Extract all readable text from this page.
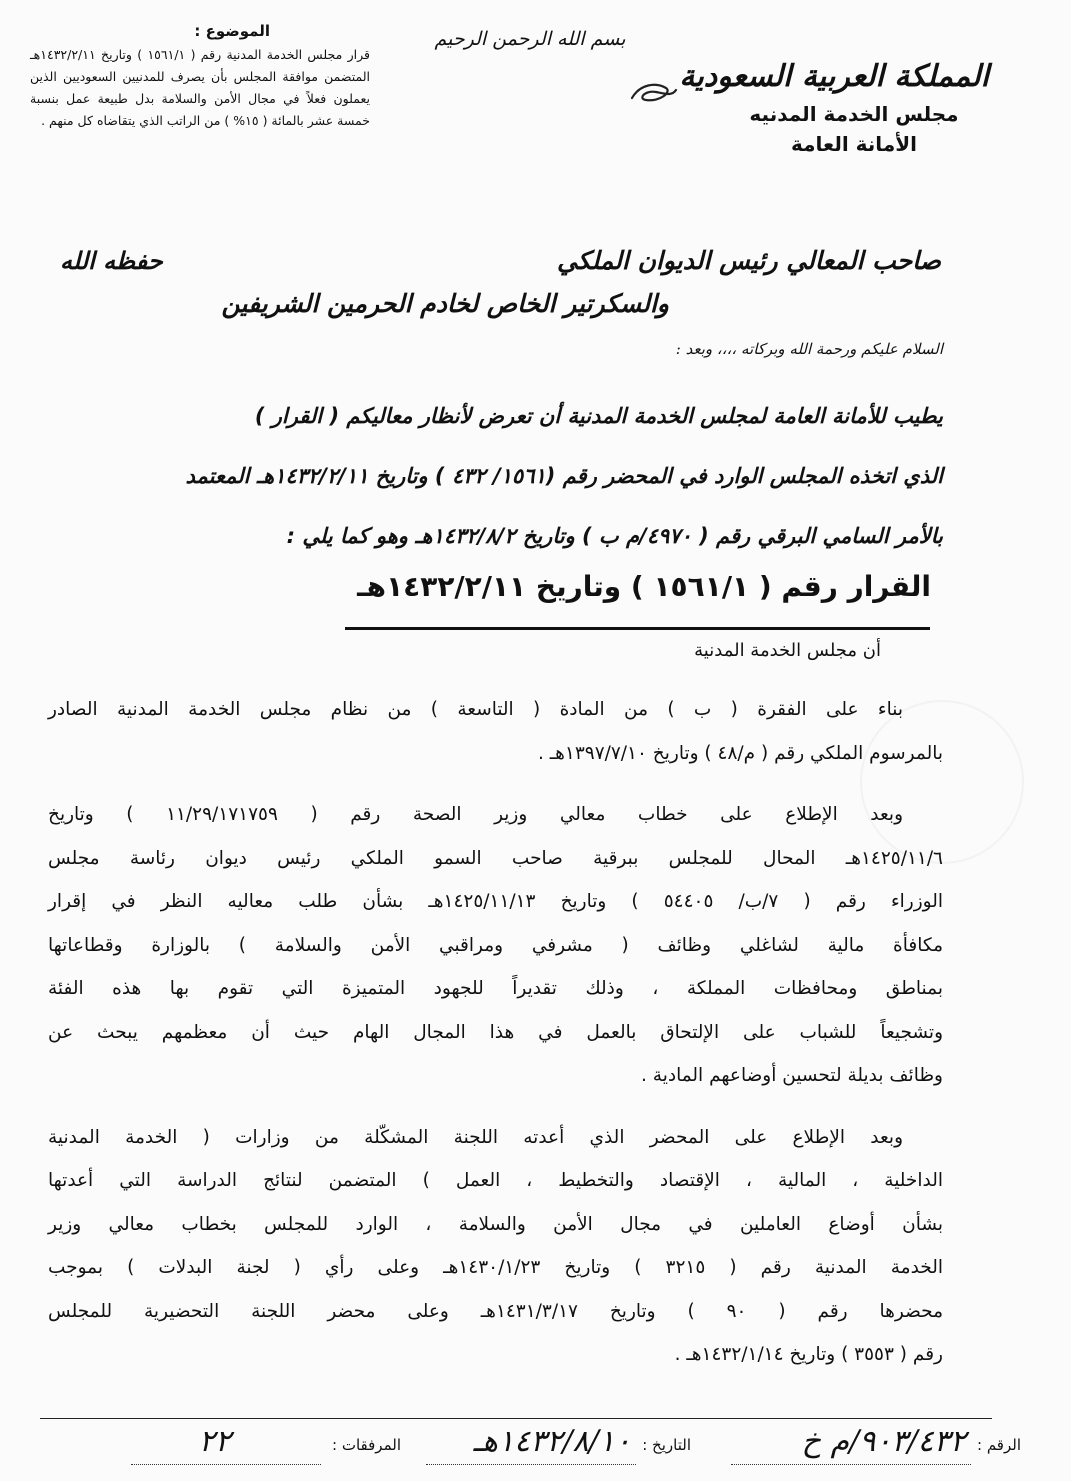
المملكة العربية السعودية
مجلس الخدمة المدنيه
الأمانة العامة
بسم الله الرحمن الرحيم
الموضوع :
قرار مجلس الخدمة المدنية رقم ( ١٥٦١/١ ) وتاريخ ١٤٣٢/٢/١١هـ المتضمن موافقة المجلس بأن يصرف للمدنيين السعوديين الذين يعملون فعلاً في مجال الأمن والسلامة بدل طبيعة عمل بنسبة خمسة عشر بالمائة ( ١٥% ) من الراتب الذي يتقاضاه كل منهم .
صاحب المعالي رئيس الديوان الملكي
حفظه الله
والسكرتير الخاص لخادم الحرمين الشريفين
السلام عليكم ورحمة الله وبركاته ،،،، وبعد :

يطيب للأمانة العامة لمجلس الخدمة المدنية أن تعرض لأنظار معاليكم ( القرار )

الذي اتخذه المجلس الوارد في المحضر رقم (١٥٦١/ ٤٣٢ ) وتاريخ ١٤٣٢/٢/١١هـ المعتمد

بالأمر السامي البرقي رقم ( ٤٩٧٠/م ب ) وتاريخ ١٤٣٢/٨/٢هـ وهو كما يلي :

القرار رقم ( ١٥٦١/١ ) وتاريخ ١٤٣٢/٢/١١هـ
أن مجلس الخدمة المدنية
بناء على الفقرة ( ب ) من المادة ( التاسعة ) من نظام مجلس الخدمة المدنية الصادر
بالمرسوم الملكي رقم ( م/٤٨ ) وتاريخ ١٣٩٧/٧/١٠هـ .
وبعد الإطلاع على خطاب معالي وزير الصحة رقم ( ١١/٢٩/١٧١٧٥٩ ) وتاريخ
١٤٢٥/١١/٦هـ المحال للمجلس ببرقية صاحب السمو الملكي رئيس ديوان رئاسة مجلس
الوزراء رقم ( ٧/ب/ ٥٤٤٠٥ ) وتاريخ ١٤٢٥/١١/١٣هـ بشأن طلب معاليه النظر في إقرار
مكافأة مالية لشاغلي وظائف ( مشرفي ومراقبي الأمن والسلامة ) بالوزارة وقطاعاتها
بمناطق ومحافظات المملكة ، وذلك تقديراً للجهود المتميزة التي تقوم بها هذه الفئة
وتشجيعاً للشباب على الإلتحاق بالعمل في هذا المجال الهام حيث أن معظمهم يبحث عن
وظائف بديلة لتحسين أوضاعهم المادية .
وبعد الإطلاع على المحضر الذي أعدته اللجنة المشكّلة من وزارات ( الخدمة المدنية
الداخلية ، المالية ، الإقتصاد والتخطيط ، العمل ) المتضمن لنتائج الدراسة التي أعدتها
بشأن أوضاع العاملين في مجال الأمن والسلامة ، الوارد للمجلس بخطاب معالي وزير
الخدمة المدنية رقم ( ٣٢١٥ ) وتاريخ ١٤٣٠/١/٢٣هـ وعلى رأي ( لجنة البدلات ) بموجب
محضرها رقم ( ٩٠ ) وتاريخ ١٤٣١/٣/١٧هـ وعلى محضر اللجنة التحضيرية للمجلس
رقم ( ٣٥٥٣ ) وتاريخ ١٤٣٢/١/١٤هـ .
الرقم :
٩٠٣/٤٣٢/م خ
التاريخ :
١٤٣٢/٨/١٠هـ
المرفقات :
٢٢
